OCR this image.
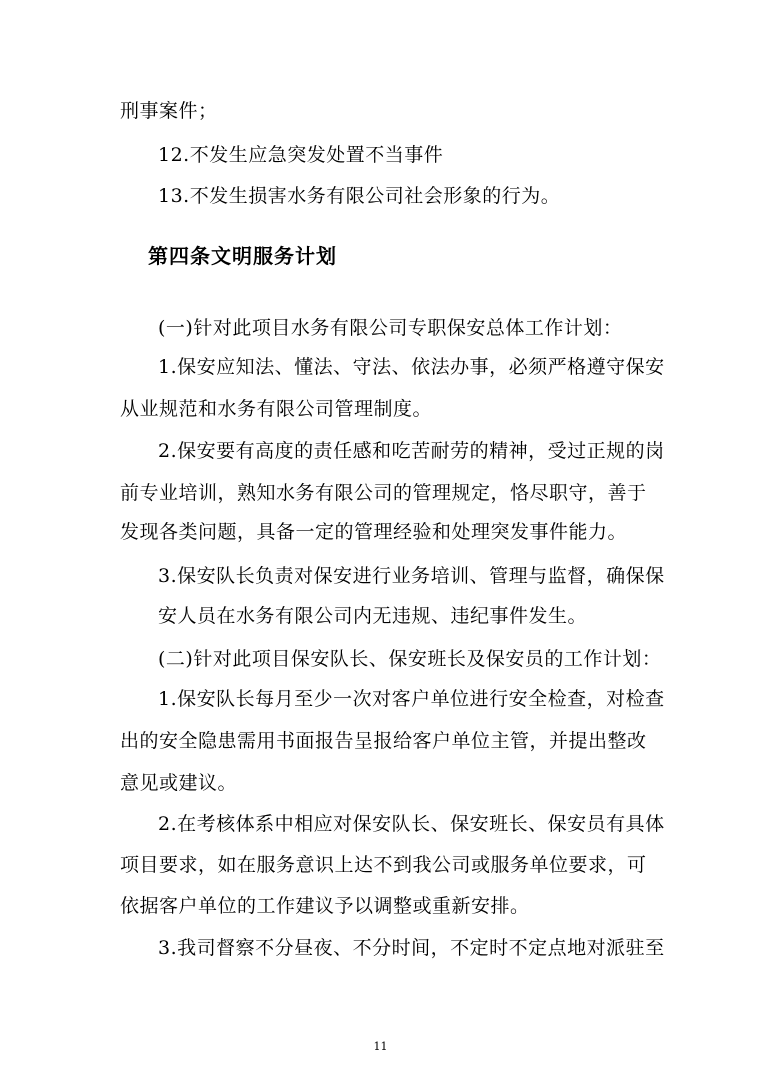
刑事案件；
12.不发生应急突发处置不当事件
13.不发生损害水务有限公司社会形象的行为。
第四条文明服务计划
(一)针对此项目水务有限公司专职保安总体工作计划：
1.保安应知法、懂法、守法、依法办事，必须严格遵守保安
从业规范和水务有限公司管理制度。
2.保安要有高度的责任感和吃苦耐劳的精神，受过正规的岗
前专业培训，熟知水务有限公司的管理规定，恪尽职守，善于
发现各类问题，具备一定的管理经验和处理突发事件能力。
3.保安队长负责对保安进行业务培训、管理与监督，确保保
安人员在水务有限公司内无违规、违纪事件发生。
(二)针对此项目保安队长、保安班长及保安员的工作计划：
1.保安队长每月至少一次对客户单位进行安全检查，对检查
出的安全隐患需用书面报告呈报给客户单位主管，并提出整改
意见或建议。
2.在考核体系中相应对保安队长、保安班长、保安员有具体
项目要求，如在服务意识上达不到我公司或服务单位要求，可
依据客户单位的工作建议予以调整或重新安排。
3.我司督察不分昼夜、不分时间，不定时不定点地对派驻至
11
